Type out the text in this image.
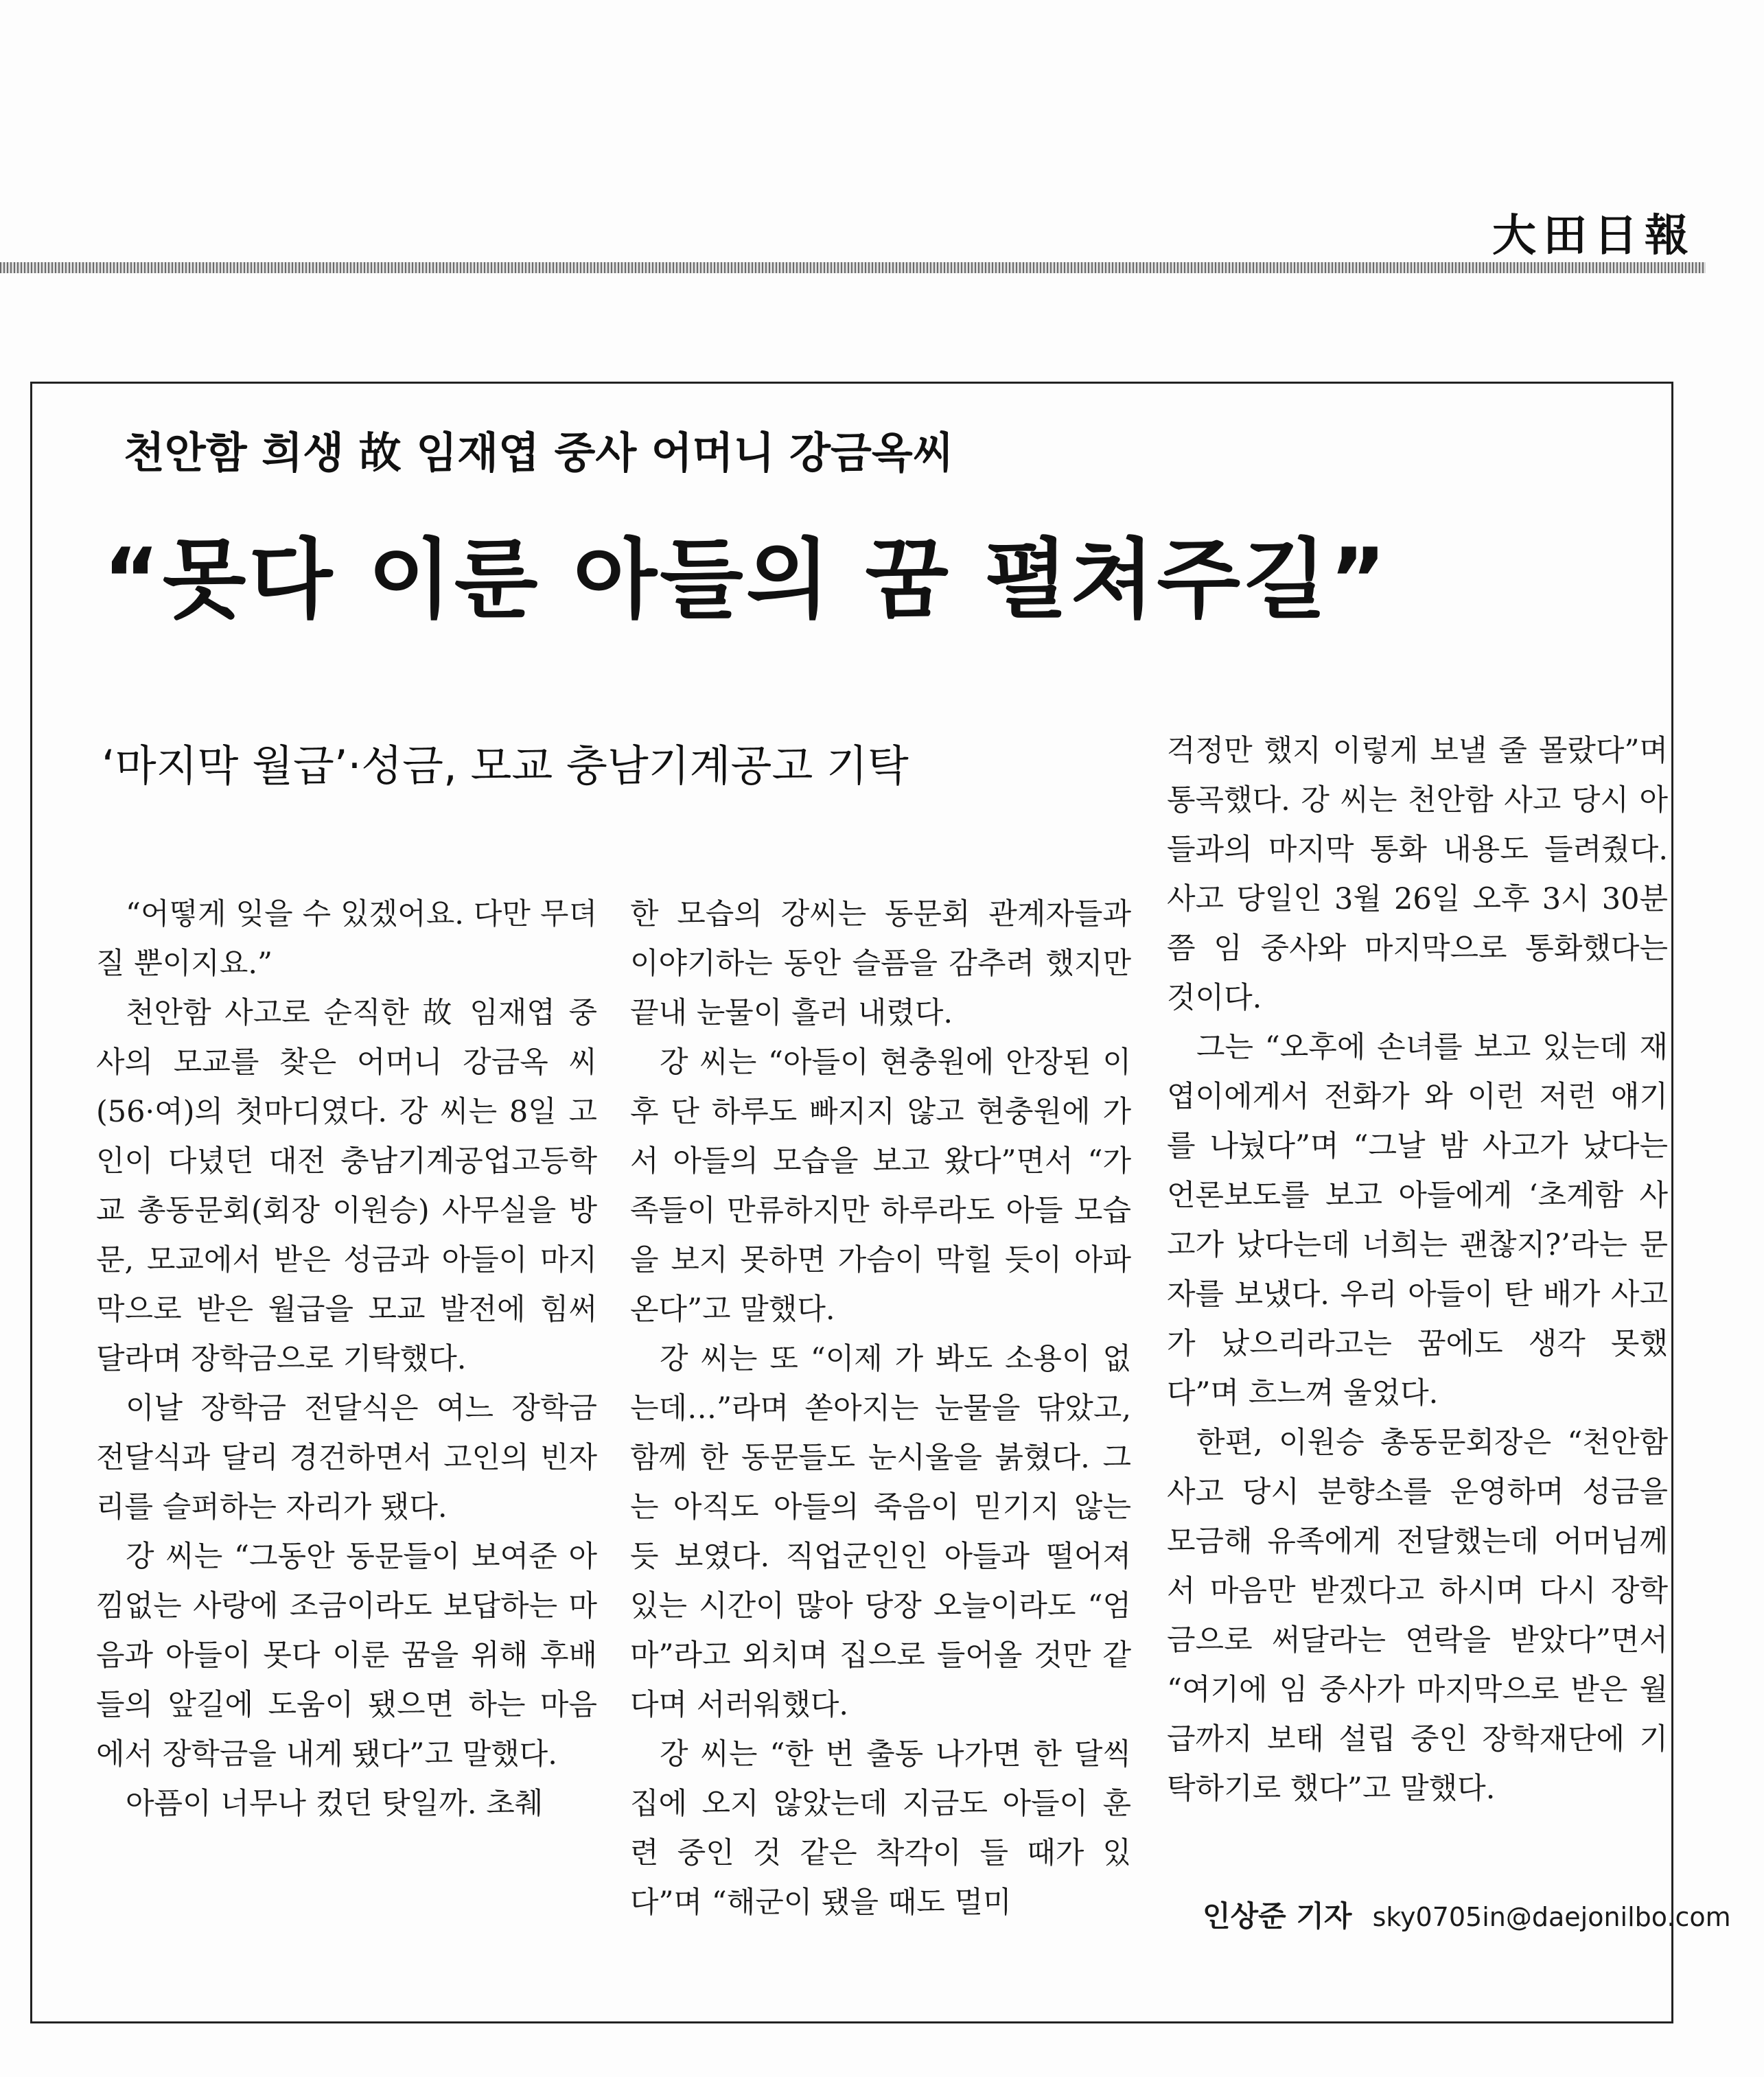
大田日報
천안함 희생 故 임재엽 중사 어머니 강금옥씨
“못다 이룬 아들의 꿈 펼쳐주길”
‘마지막 월급’·성금, 모교 충남기계공고 기탁

“어떻게 잊을 수 있겠어요. 다만 무뎌질 뿐이지요.”

천안함 사고로 순직한 故 임재엽 중사의 모교를 찾은 어머니 강금옥 씨(56·여)의 첫마디였다. 강 씨는 8일 고인이 다녔던 대전 충남기계공업고등학교 총동문회(회장 이원승) 사무실을 방문, 모교에서 받은 성금과 아들이 마지막으로 받은 월급을 모교 발전에 힘써달라며 장학금으로 기탁했다.

이날 장학금 전달식은 여느 장학금 전달식과 달리 경건하면서 고인의 빈자리를 슬퍼하는 자리가 됐다.

강 씨는 “그동안 동문들이 보여준 아낌없는 사랑에 조금이라도 보답하는 마음과 아들이 못다 이룬 꿈을 위해 후배들의 앞길에 도움이 됐으면 하는 마음에서 장학금을 내게 됐다”고 말했다.

아픔이 너무나 컸던 탓일까. 초췌

한 모습의 강씨는 동문회 관계자들과 이야기하는 동안 슬픔을 감추려 했지만 끝내 눈물이 흘러 내렸다.

강 씨는 “아들이 현충원에 안장된 이후 단 하루도 빠지지 않고 현충원에 가서 아들의 모습을 보고 왔다”면서 “가족들이 만류하지만 하루라도 아들 모습을 보지 못하면 가슴이 막힐 듯이 아파온다”고 말했다.

강 씨는 또 “이제 가 봐도 소용이 없는데…”라며 쏟아지는 눈물을 닦았고, 함께 한 동문들도 눈시울을 붉혔다. 그는 아직도 아들의 죽음이 믿기지 않는 듯 보였다. 직업군인인 아들과 떨어져 있는 시간이 많아 당장 오늘이라도 “엄마”라고 외치며 집으로 들어올 것만 같다며 서러워했다.

강 씨는 “한 번 출동 나가면 한 달씩 집에 오지 않았는데 지금도 아들이 훈련 중인 것 같은 착각이 들 때가 있다”며 “해군이 됐을 때도 멀미

걱정만 했지 이렇게 보낼 줄 몰랐다”며 통곡했다. 강 씨는 천안함 사고 당시 아들과의 마지막 통화 내용도 들려줬다. 사고 당일인 3월 26일 오후 3시 30분쯤 임 중사와 마지막으로 통화했다는 것이다.

그는 “오후에 손녀를 보고 있는데 재엽이에게서 전화가 와 이런 저런 얘기를 나눴다”며 “그날 밤 사고가 났다는 언론보도를 보고 아들에게 ‘초계함 사고가 났다는데 너희는 괜찮지?’라는 문자를 보냈다. 우리 아들이 탄 배가 사고가 났으리라고는 꿈에도 생각 못했다”며 흐느껴 울었다.

한편, 이원승 총동문회장은 “천안함 사고 당시 분향소를 운영하며 성금을 모금해 유족에게 전달했는데 어머님께서 마음만 받겠다고 하시며 다시 장학금으로 써달라는 연락을 받았다”면서 “여기에 임 중사가 마지막으로 받은 월급까지 보태 설립 중인 장학재단에 기탁하기로 했다”고 말했다.

인상준 기자 sky0705in@daejonilbo.com
